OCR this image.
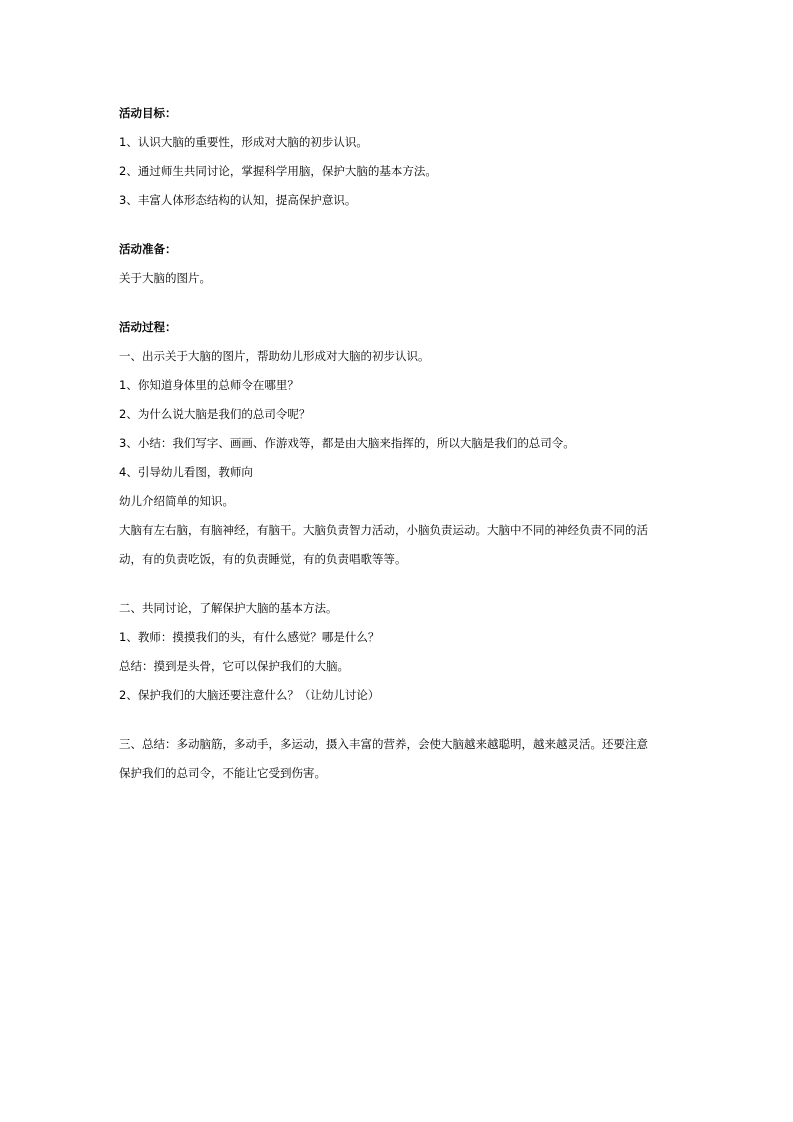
活动目标：

1、认识大脑的重要性，形成对大脑的初步认识。

2、通过师生共同讨论，掌握科学用脑，保护大脑的基本方法。

3、丰富人体形态结构的认知，提高保护意识。

活动准备：

关于大脑的图片。

活动过程：

一、出示关于大脑的图片，帮助幼儿形成对大脑的初步认识。

1、你知道身体里的总师令在哪里？

2、为什么说大脑是我们的总司令呢？

3、小结：我们写字、画画、作游戏等，都是由大脑来指挥的，所以大脑是我们的总司令。

4、引导幼儿看图，教师向

幼儿介绍简单的知识。

大脑有左右脑，有脑神经，有脑干。大脑负责智力活动，小脑负责运动。大脑中不同的神经负责不同的活

动，有的负责吃饭，有的负责睡觉，有的负责唱歌等等。

二、共同讨论，了解保护大脑的基本方法。

1、教师：摸摸我们的头，有什么感觉？哪是什么？

总结：摸到是头骨，它可以保护我们的大脑。

2、保护我们的大脑还要注意什么？（让幼儿讨论）

三、总结：多动脑筋，多动手，多运动，摄入丰富的营养，会使大脑越来越聪明，越来越灵活。还要注意

保护我们的总司令，不能让它受到伤害。
